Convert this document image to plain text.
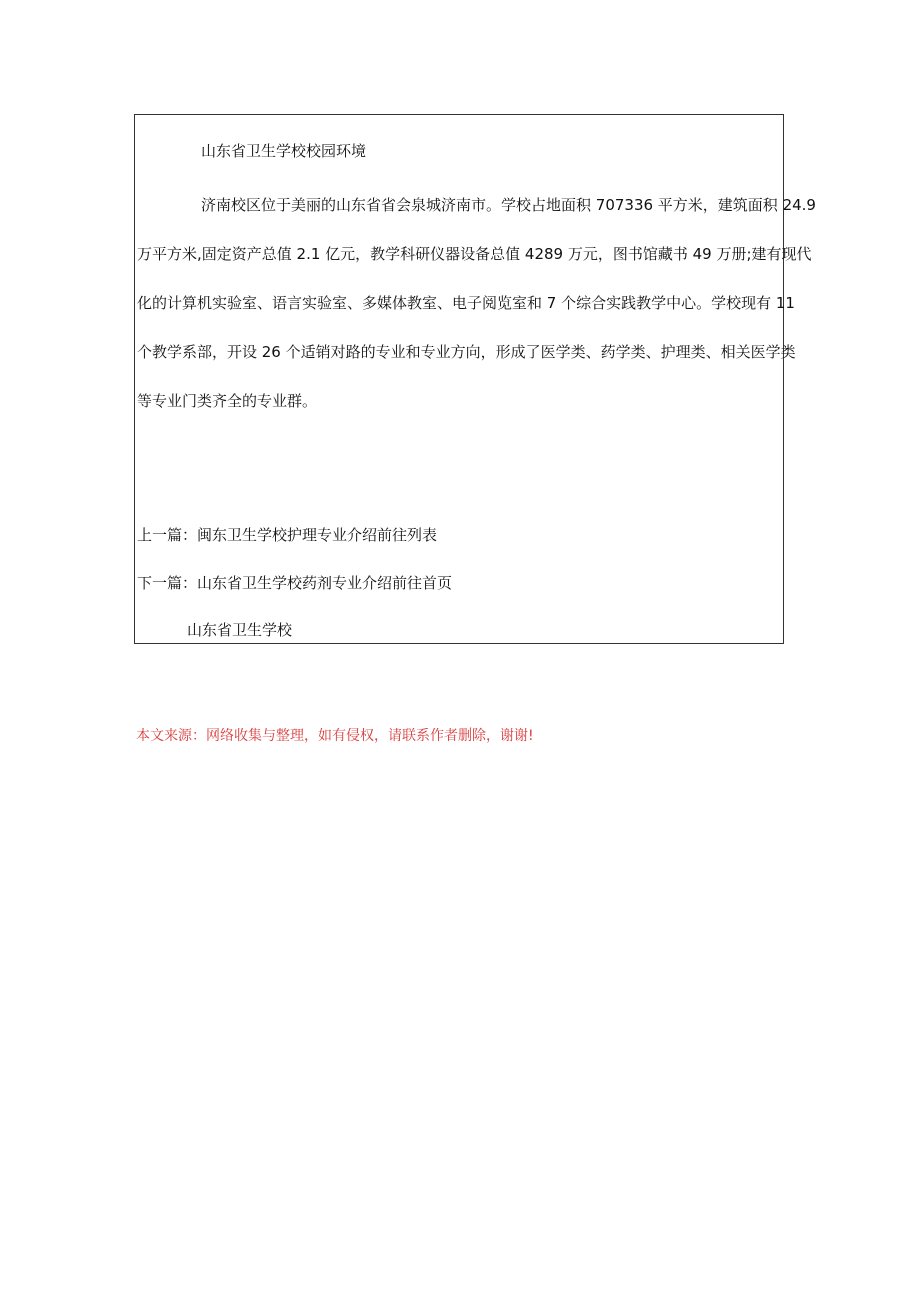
山东省卫生学校校园环境
济南校区位于美丽的山东省省会泉城济南市。学校占地面积 707336 平方米，建筑面积 24.9
万平方米,固定资产总值 2.1 亿元，教学科研仪器设备总值 4289 万元，图书馆藏书 49 万册;建有现代
化的计算机实验室、语言实验室、多媒体教室、电子阅览室和 7 个综合实践教学中心。学校现有 11
个教学系部，开设 26 个适销对路的专业和专业方向，形成了医学类、药学类、护理类、相关医学类
等专业门类齐全的专业群。
上一篇：闽东卫生学校护理专业介绍前往列表
下一篇：山东省卫生学校药剂专业介绍前往首页
山东省卫生学校
本文来源：网络收集与整理，如有侵权，请联系作者删除，谢谢!
